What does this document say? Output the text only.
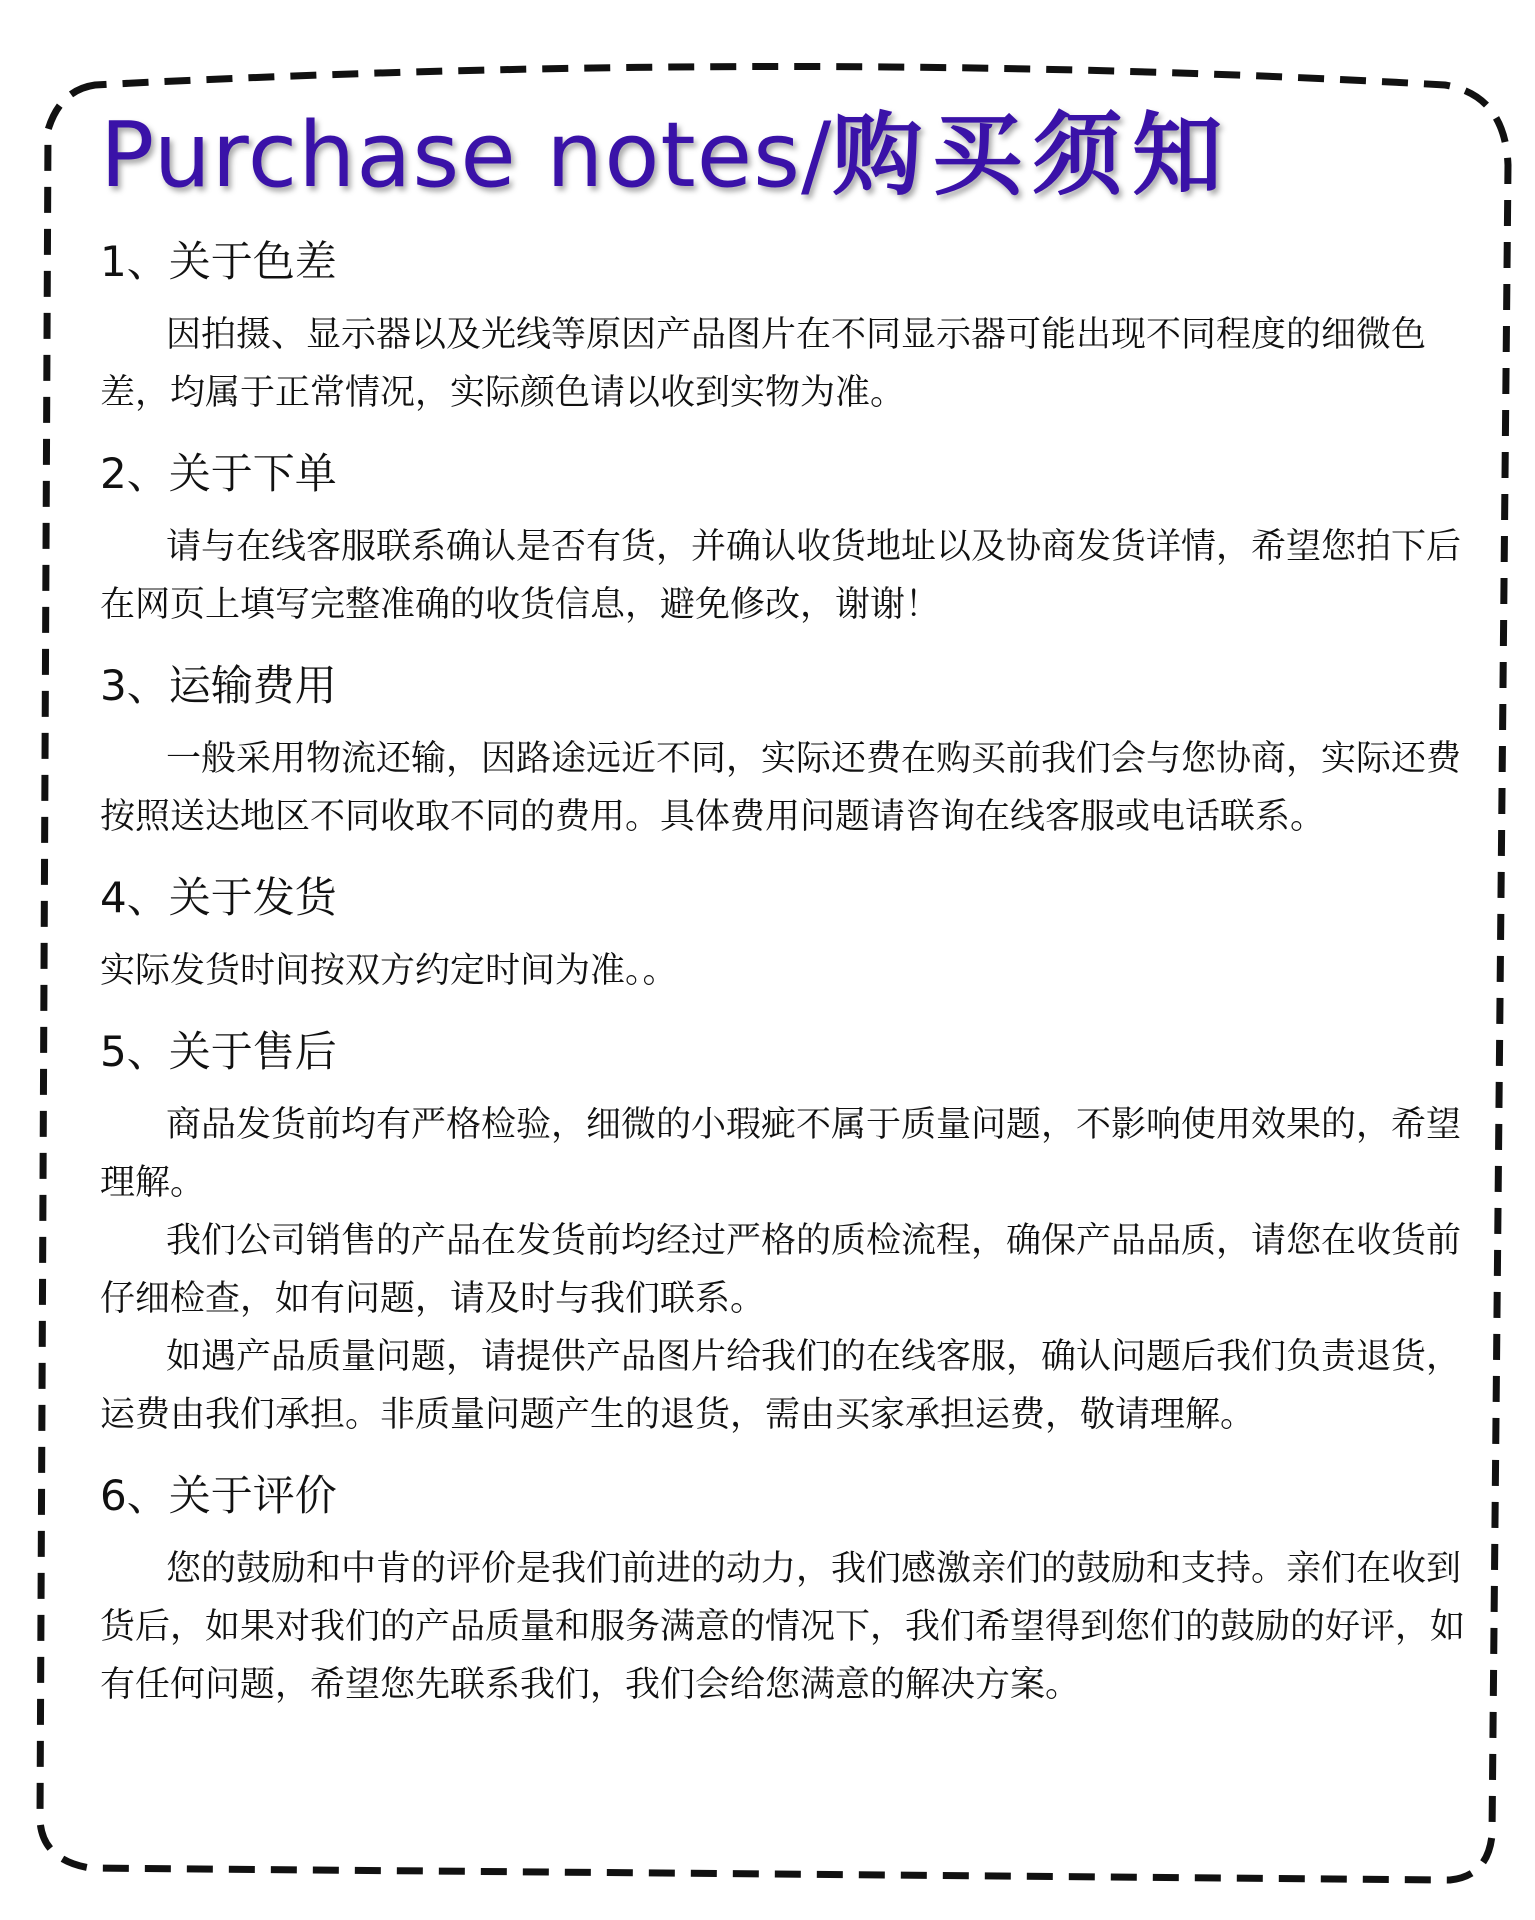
Purchase notes/购买须知
1、关于色差

因拍摄、显示器以及光线等原因产品图片在不同显示器可能出现不同程度的细微色差，均属于正常情况，实际颜色请以收到实物为准。

2、关于下单

请与在线客服联系确认是否有货，并确认收货地址以及协商发货详情，希望您拍下后在网页上填写完整准确的收货信息，避免修改，谢谢！

3、运输费用

一般采用物流还输，因路途远近不同，实际还费在购买前我们会与您协商，实际还费按照送达地区不同收取不同的费用。具体费用问题请咨询在线客服或电话联系。

4、关于发货

实际发货时间按双方约定时间为准。。

5、关于售后

商品发货前均有严格检验，细微的小瑕疵不属于质量问题，不影响使用效果的，希望理解。

我们公司销售的产品在发货前均经过严格的质检流程，确保产品品质，请您在收货前仔细检查，如有问题，请及时与我们联系。

如遇产品质量问题，请提供产品图片给我们的在线客服，确认问题后我们负责退货，运费由我们承担。非质量问题产生的退货，需由买家承担运费，敬请理解。

6、关于评价

您的鼓励和中肯的评价是我们前进的动力，我们感激亲们的鼓励和支持。亲们在收到货后，如果对我们的产品质量和服务满意的情况下，我们希望得到您们的鼓励的好评，如有任何问题，希望您先联系我们，我们会给您满意的解决方案。
